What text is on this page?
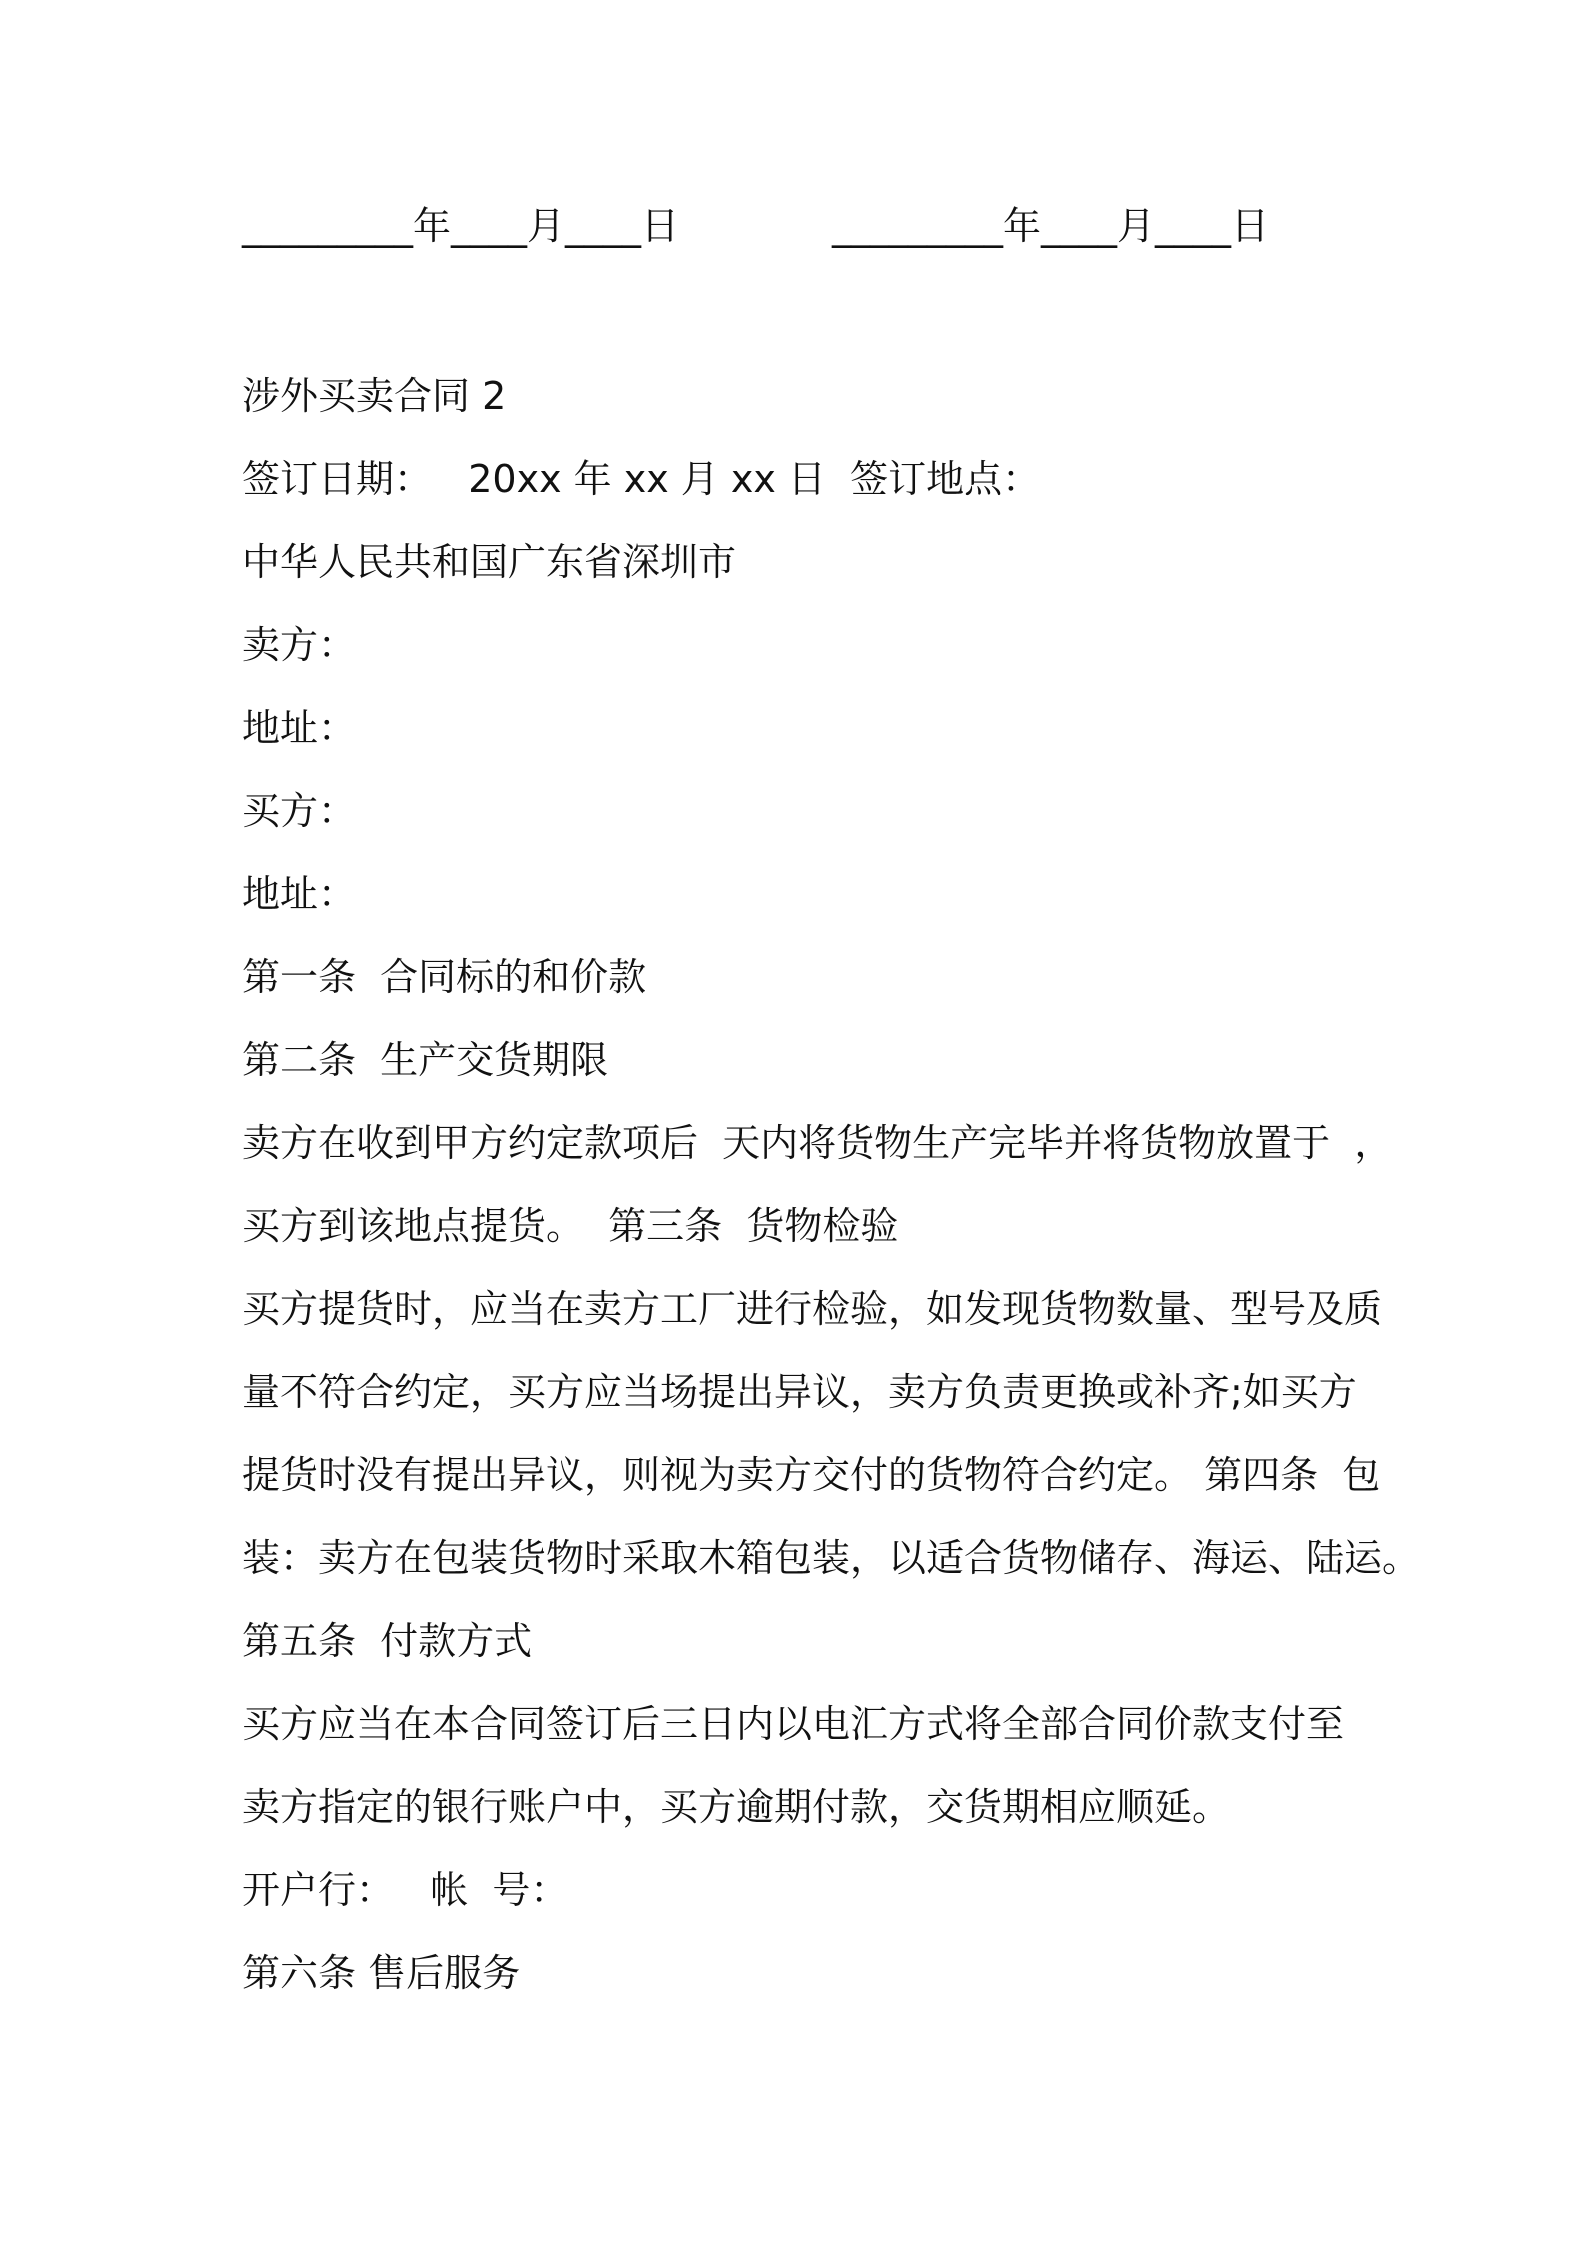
_________年____月____日	_________年____月____日
涉外买卖合同 2
签订日期：   20xx 年 xx 月 xx 日  签订地点：
中华人民共和国广东省深圳市
卖方：
地址：
买方：
地址：
第一条  合同标的和价款
第二条  生产交货期限
卖方在收到甲方约定款项后  天内将货物生产完毕并将货物放置于  ，
买方到该地点提货。  第三条  货物检验
买方提货时，应当在卖方工厂进行检验，如发现货物数量、型号及质
量不符合约定，买方应当场提出异议，卖方负责更换或补齐;如买方
提货时没有提出异议，则视为卖方交付的货物符合约定。 第四条  包
装：卖方在包装货物时采取木箱包装，以适合货物储存、海运、陆运。
第五条  付款方式
买方应当在本合同签订后三日内以电汇方式将全部合同价款支付至
卖方指定的银行账户中，买方逾期付款，交货期相应顺延。
开户行：   帐  号：
第六条 售后服务
